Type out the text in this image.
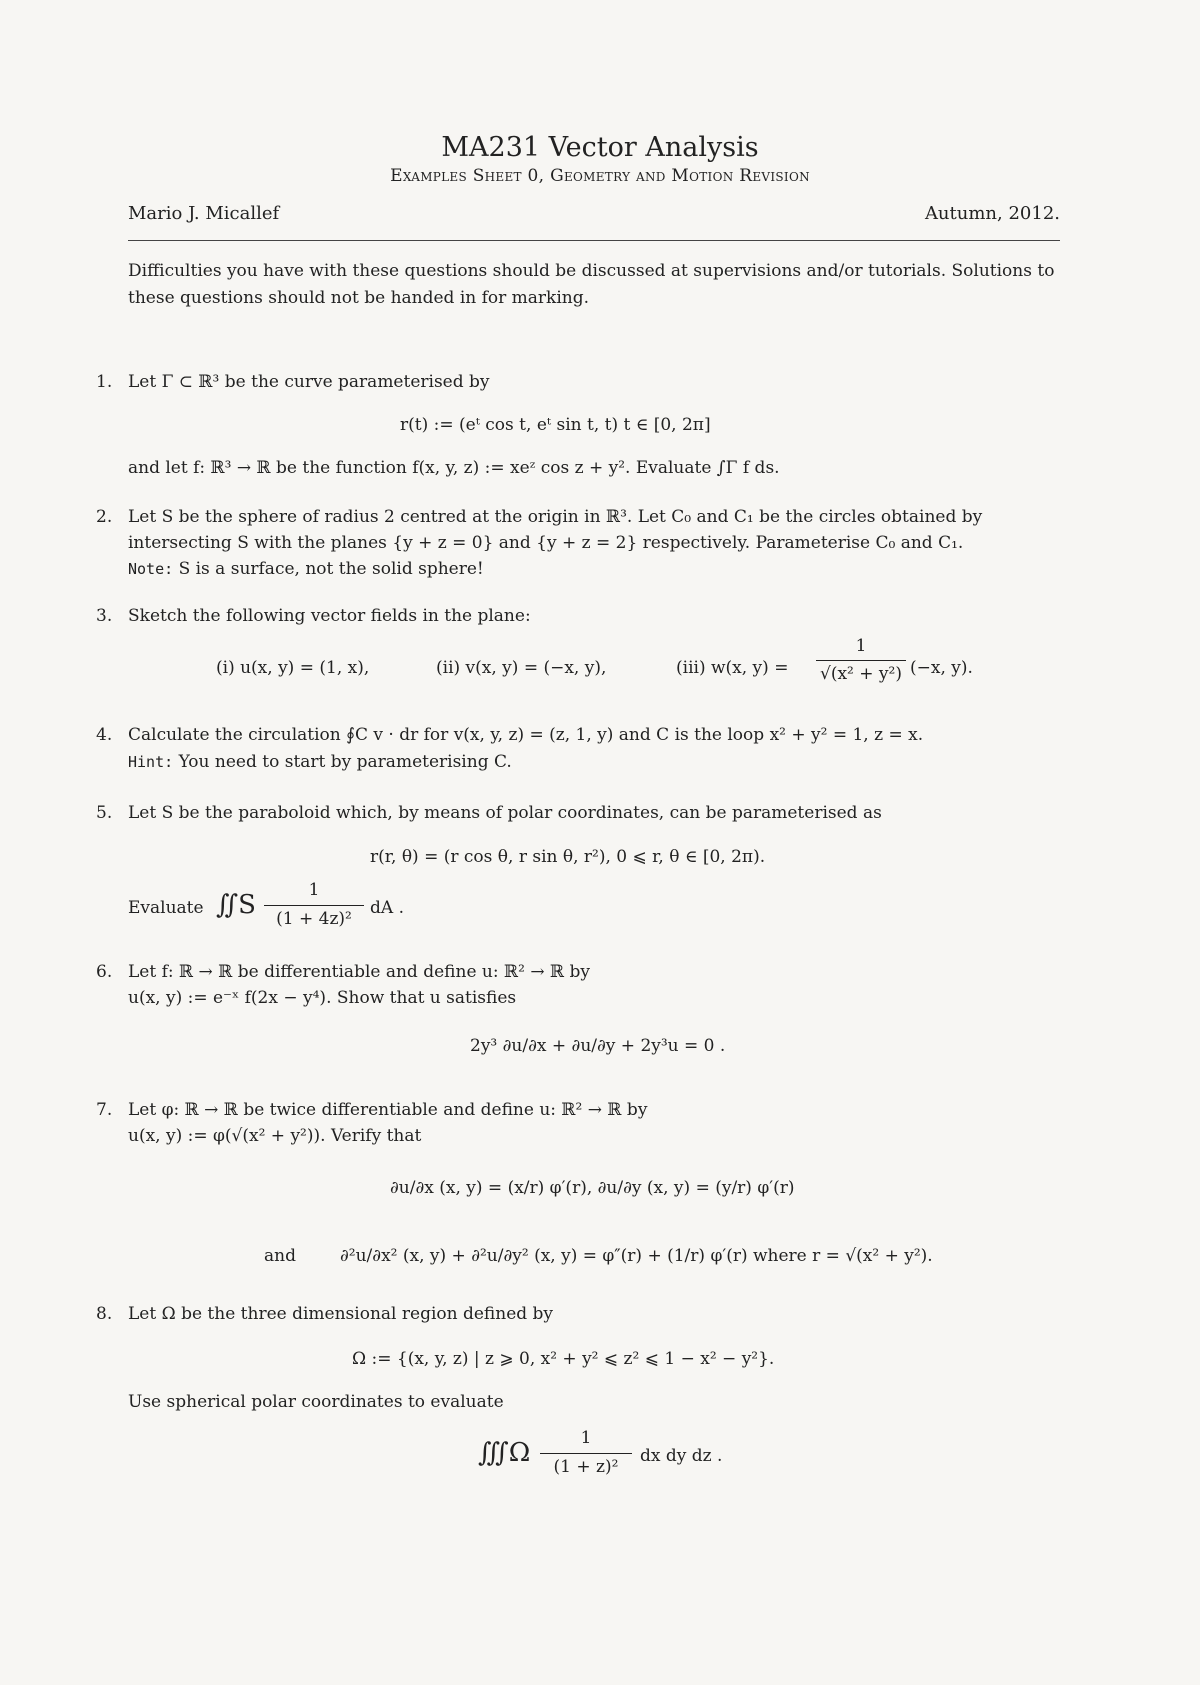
MA231 Vector Analysis
Examples Sheet 0, Geometry and Motion Revision
Mario J. Micallef	Autumn, 2012.
Difficulties you have with these questions should be discussed at supervisions and/or tutorials. Solutions to these questions should not be handed in for marking.
1. Let Γ ⊂ ℝ³ be the curve parameterised by
r(t) := (eᵗ cos t, eᵗ sin t, t) t ∈ [0, 2π]
and let f: ℝ³ → ℝ be the function f(x, y, z) := xeᶻ cos z + y². Evaluate ∫Γ f ds.
2. Let S be the sphere of radius 2 centred at the origin in ℝ³. Let C₀ and C₁ be the circles obtained by
intersecting S with the planes {y + z = 0} and {y + z = 2} respectively. Parameterise C₀ and C₁.
Note: S is a surface, not the solid sphere!
3. Sketch the following vector fields in the plane:
(i) u(x, y) = (1, x),	(ii) v(x, y) = (−x, y),	(iii) w(x, y) =
1
√(x² + y²) (−x, y).
4. Calculate the circulation ∮C v · dr for v(x, y, z) = (z, 1, y) and C is the loop x² + y² = 1, z = x.
Hint: You need to start by parameterising C.
5. Let S be the paraboloid which, by means of polar coordinates, can be parameterised as
r(r, θ) = (r cos θ, r sin θ, r²), 0 ⩽ r, θ ∈ [0, 2π).
Evaluate ∬S	1
(1 + 4z)²
dA .
6. Let f: ℝ → ℝ be differentiable and define u: ℝ² → ℝ by
u(x, y) := e⁻ˣ f(2x − y⁴). Show that u satisfies
2y³ ∂u/∂x + ∂u/∂y + 2y³u = 0 .
7. Let φ: ℝ → ℝ be twice differentiable and define u: ℝ² → ℝ by
u(x, y) := φ(√(x² + y²)). Verify that
∂u/∂x (x, y) = (x/r) φ′(r), ∂u/∂y (x, y) = (y/r) φ′(r)
and	∂²u/∂x² (x, y) + ∂²u/∂y² (x, y) = φ″(r) + (1/r) φ′(r) where r = √(x² + y²).
8. Let Ω be the three dimensional region defined by
Ω := {(x, y, z) | z ⩾ 0, x² + y² ⩽ z² ⩽ 1 − x² − y²}.
Use spherical polar coordinates to evaluate
∭Ω	1
(1 + z)²
dx dy dz .
